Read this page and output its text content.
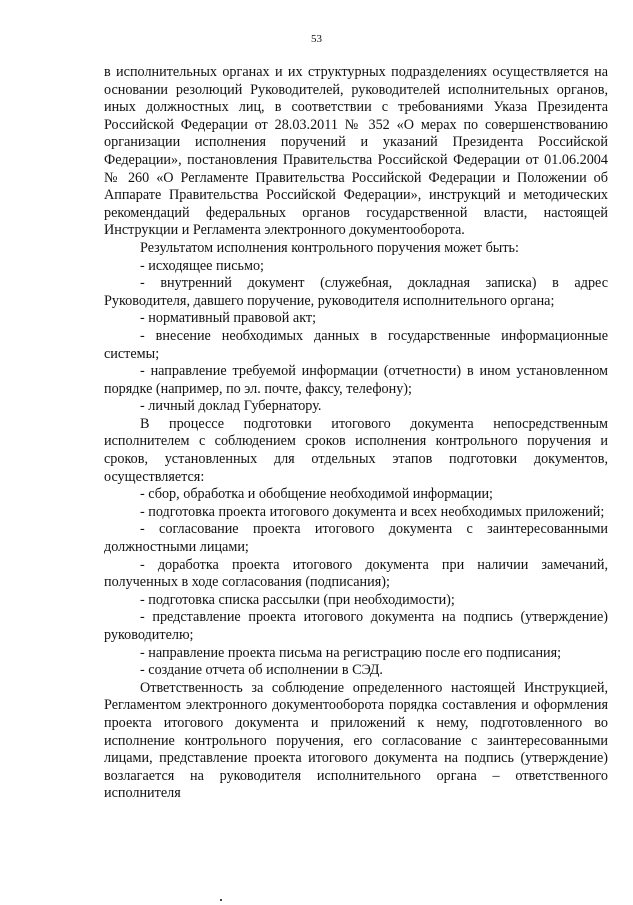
53

в исполнительных органах и их структурных подразделениях осуществляется на основании резолюций Руководителей, руководителей исполнительных органов, иных должностных лиц, в соответствии с требованиями Указа Президента Российской Федерации от 28.03.2011 № 352 «О мерах по совершенствованию организации исполнения поручений и указаний Президента Российской Федерации», постановления Правительства Российской Федерации от 01.06.2004 № 260 «О Регламенте Правительства Российской Федерации и Положении об Аппарате Правительства Российской Федерации», инструкций и методических рекомендаций федеральных органов государственной власти, настоящей Инструкции и Регламента электронного документооборота.

Результатом исполнения контрольного поручения может быть:

- исходящее письмо;

- внутренний документ (служебная, докладная записка) в адрес Руководителя, давшего поручение, руководителя исполнительного органа;

- нормативный правовой акт;

- внесение необходимых данных в государственные информационные системы;

- направление требуемой информации (отчетности) в ином установленном порядке (например, по эл. почте, факсу, телефону);

- личный доклад Губернатору.

В процессе подготовки итогового документа непосредственным исполнителем с соблюдением сроков исполнения контрольного поручения и сроков, установленных для отдельных этапов подготовки документов, осуществляется:

- сбор, обработка и обобщение необходимой информации;

- подготовка проекта итогового документа и всех необходимых приложений;

- согласование проекта итогового документа с заинтересованными должностными лицами;

- доработка проекта итогового документа при наличии замечаний, полученных в ходе согласования (подписания);

- подготовка списка рассылки (при необходимости);

- представление проекта итогового документа на подпись (утверждение) руководителю;

- направление проекта письма на регистрацию после его подписания;

- создание отчета об исполнении в СЭД.

Ответственность за соблюдение определенного настоящей Инструкцией, Регламентом электронного документооборота порядка составления и оформления проекта итогового документа и приложений к нему, подготовленного во исполнение контрольного поручения, его согласование с заинтересованными лицами, представление проекта итогового документа на подпись (утверждение) возлагается на руководителя исполнительного органа – ответственного исполнителя
